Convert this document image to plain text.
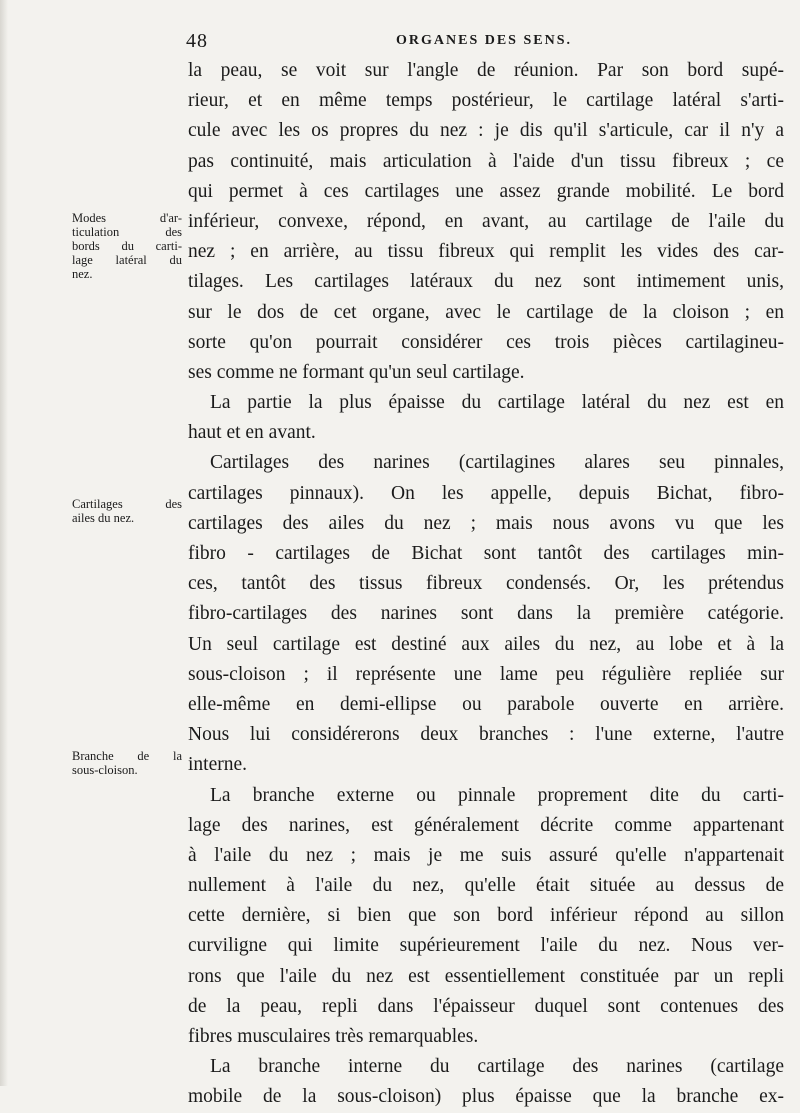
48	ORGANES DES SENS.
Modes d'ar-
ticulation des
bords du carti-
lage latéral du
nez.
Cartilages des
ailes du nez.
Branche de la
sous-cloison.
la peau, se voit sur l'angle de réunion. Par son bord supé-
rieur, et en même temps postérieur, le cartilage latéral s'arti-
cule avec les os propres du nez : je dis qu'il s'articule, car il n'y a
pas continuité, mais articulation à l'aide d'un tissu fibreux ; ce
qui permet à ces cartilages une assez grande mobilité. Le bord
inférieur, convexe, répond, en avant, au cartilage de l'aile du
nez ; en arrière, au tissu fibreux qui remplit les vides des car-
tilages. Les cartilages latéraux du nez sont intimement unis,
sur le dos de cet organe, avec le cartilage de la cloison ; en
sorte qu'on pourrait considérer ces trois pièces cartilagineu-
ses comme ne formant qu'un seul cartilage.
La partie la plus épaisse du cartilage latéral du nez est en
haut et en avant.
Cartilages des narines (cartilagines alares seu pinnales,
cartilages pinnaux). On les appelle, depuis Bichat, fibro-
cartilages des ailes du nez ; mais nous avons vu que les
fibro - cartilages de Bichat sont tantôt des cartilages min-
ces, tantôt des tissus fibreux condensés. Or, les prétendus
fibro-cartilages des narines sont dans la première catégorie.
Un seul cartilage est destiné aux ailes du nez, au lobe et à la
sous-cloison ; il représente une lame peu régulière repliée sur
elle-même en demi-ellipse ou parabole ouverte en arrière.
Nous lui considérerons deux branches : l'une externe, l'autre
interne.
La branche externe ou pinnale proprement dite du carti-
lage des narines, est généralement décrite comme appartenant
à l'aile du nez ; mais je me suis assuré qu'elle n'appartenait
nullement à l'aile du nez, qu'elle était située au dessus de
cette dernière, si bien que son bord inférieur répond au sillon
curviligne qui limite supérieurement l'aile du nez. Nous ver-
rons que l'aile du nez est essentiellement constituée par un repli
de la peau, repli dans l'épaisseur duquel sont contenues des
fibres musculaires très remarquables.
La branche interne du cartilage des narines (cartilage
mobile de la sous-cloison) plus épaisse que la branche ex-
